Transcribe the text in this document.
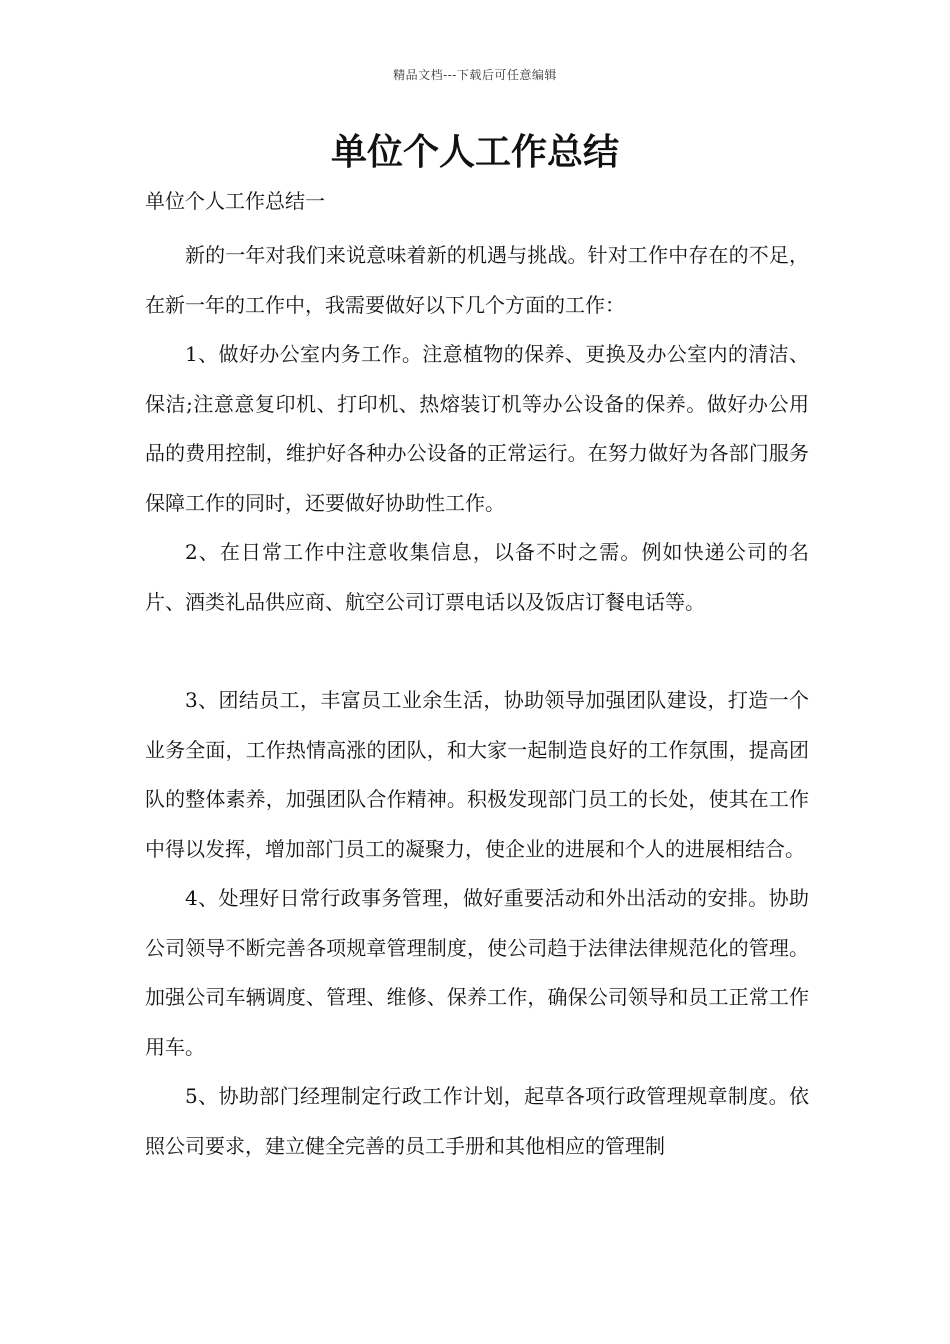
精品文档---下载后可任意编辑
单位个人工作总结
单位个人工作总结一

新的一年对我们来说意味着新的机遇与挑战。针对工作中存在的不足，在新一年的工作中，我需要做好以下几个方面的工作：

1、做好办公室内务工作。注意植物的保养、更换及办公室内的清洁、保洁;注意意复印机、打印机、热熔装订机等办公设备的保养。做好办公用品的费用控制，维护好各种办公设备的正常运行。在努力做好为各部门服务保障工作的同时，还要做好协助性工作。

2、在日常工作中注意收集信息，以备不时之需。例如快递公司的名片、酒类礼品供应商、航空公司订票电话以及饭店订餐电话等。

3、团结员工，丰富员工业余生活，协助领导加强团队建设，打造一个业务全面，工作热情高涨的团队，和大家一起制造良好的工作氛围，提高团队的整体素养，加强团队合作精神。积极发现部门员工的长处，使其在工作中得以发挥，增加部门员工的凝聚力，使企业的进展和个人的进展相结合。

4、处理好日常行政事务管理，做好重要活动和外出活动的安排。协助公司领导不断完善各项规章管理制度，使公司趋于法律法律规范化的管理。加强公司车辆调度、管理、维修、保养工作，确保公司领导和员工正常工作用车。

5、协助部门经理制定行政工作计划，起草各项行政管理规章制度。依照公司要求，建立健全完善的员工手册和其他相应的管理制
